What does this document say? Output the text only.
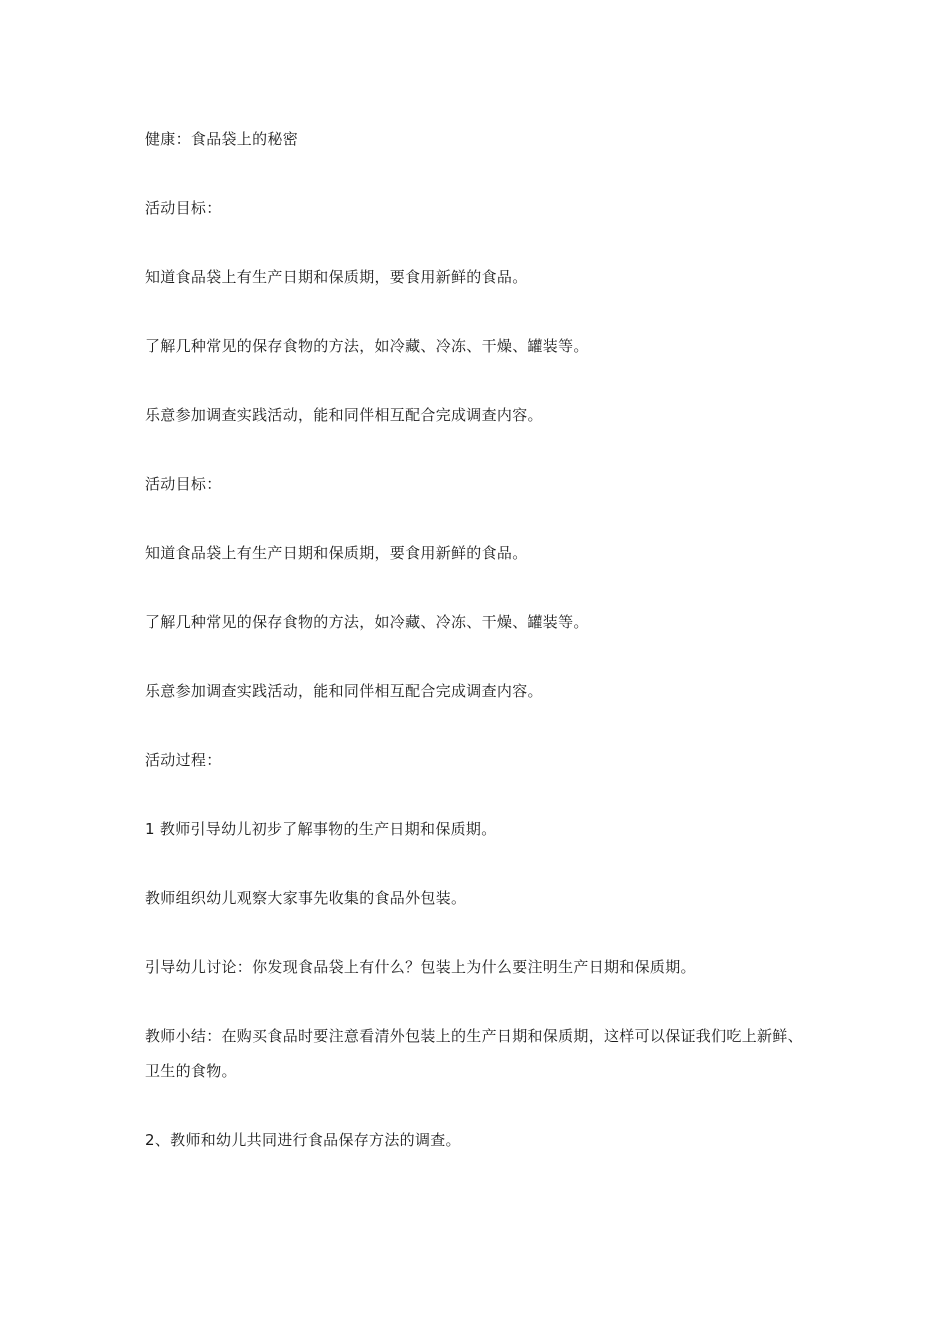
健康：食品袋上的秘密

活动目标：

知道食品袋上有生产日期和保质期，要食用新鲜的食品。

了解几种常见的保存食物的方法，如冷藏、冷冻、干燥、罐装等。

乐意参加调查实践活动，能和同伴相互配合完成调查内容。

活动目标：

知道食品袋上有生产日期和保质期，要食用新鲜的食品。

了解几种常见的保存食物的方法，如冷藏、冷冻、干燥、罐装等。

乐意参加调查实践活动，能和同伴相互配合完成调查内容。

活动过程：

1 教师引导幼儿初步了解事物的生产日期和保质期。

教师组织幼儿观察大家事先收集的食品外包装。

引导幼儿讨论：你发现食品袋上有什么？包装上为什么要注明生产日期和保质期。

教师小结：在购买食品时要注意看清外包装上的生产日期和保质期，这样可以保证我们吃上新鲜、卫生的食物。

2、教师和幼儿共同进行食品保存方法的调查。
